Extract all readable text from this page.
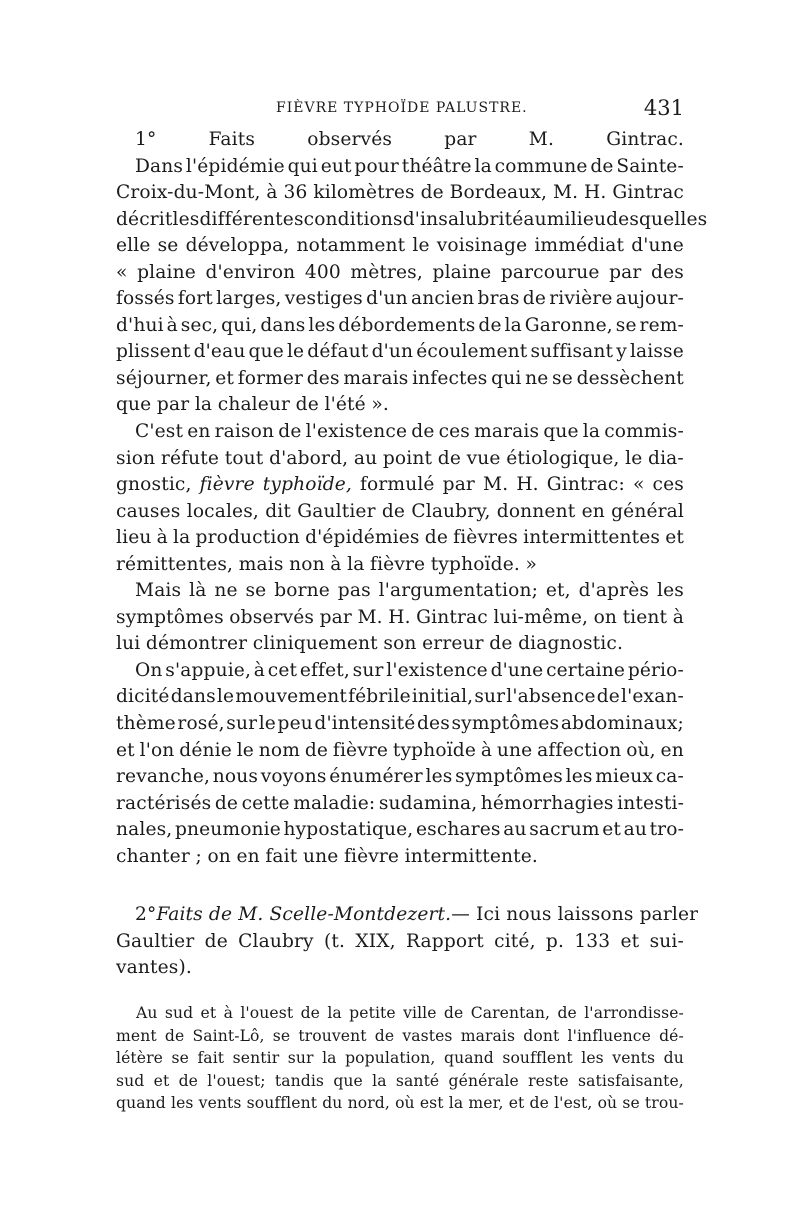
FIÈVRE TYPHOÏDE PALUSTRE.	431
1°	Faits	observés	par	M.	Gintrac.
Dans l'épidémie qui eut pour théâtre la commune de Sainte-
Croix-du-Mont, à 36 kilomètres de Bordeaux, M. H. Gintrac
décrit les différentes conditions d'insalubrité au milieu desquelles
elle se développa, notamment le voisinage immédiat d'une
« plaine d'environ 400 mètres, plaine parcourue par des
fossés fort larges, vestiges d'un ancien bras de rivière aujour-
d'hui à sec, qui, dans les débordements de la Garonne, se rem-
plissent d'eau que le défaut d'un écoulement suffisant y laisse
séjourner, et former des marais infectes qui ne se dessèchent
que par la chaleur de l'été ».
C'est en raison de l'existence de ces marais que la commis-
sion réfute tout d'abord, au point de vue étiologique, le dia-
gnostic, fièvre typhoïde, formulé par M. H. Gintrac: « ces
causes locales, dit Gaultier de Claubry, donnent en général
lieu à la production d'épidémies de fièvres intermittentes et
rémittentes, mais non à la fièvre typhoïde. »
Mais là ne se borne pas l'argumentation; et, d'après les
symptômes observés par M. H. Gintrac lui-même, on tient à
lui démontrer cliniquement son erreur de diagnostic.
On s'appuie, à cet effet, sur l'existence d'une certaine pério-
dicité dans le mouvement fébrile initial, sur l'absence de l'exan-
thème rosé, sur le peu d'intensité des symptômes abdominaux;
et l'on dénie le nom de fièvre typhoïde à une affection où, en
revanche, nous voyons énumérer les symptômes les mieux ca-
ractérisés de cette maladie: sudamina, hémorrhagies intesti-
nales, pneumonie hypostatique, eschares au sacrum et au tro-
chanter ; on en fait une fièvre intermittente.
2° Faits de M. Scelle-Montdezert. — Ici nous laissons parler
Gaultier de Claubry (t. XIX, Rapport cité, p. 133 et sui-
vantes).
Au sud et à l'ouest de la petite ville de Carentan, de l'arrondisse-
ment de Saint-Lô, se trouvent de vastes marais dont l'influence dé-
létère se fait sentir sur la population, quand soufflent les vents du
sud et de l'ouest; tandis que la santé générale reste satisfaisante,
quand les vents soufflent du nord, où est la mer, et de l'est, où se trou-
